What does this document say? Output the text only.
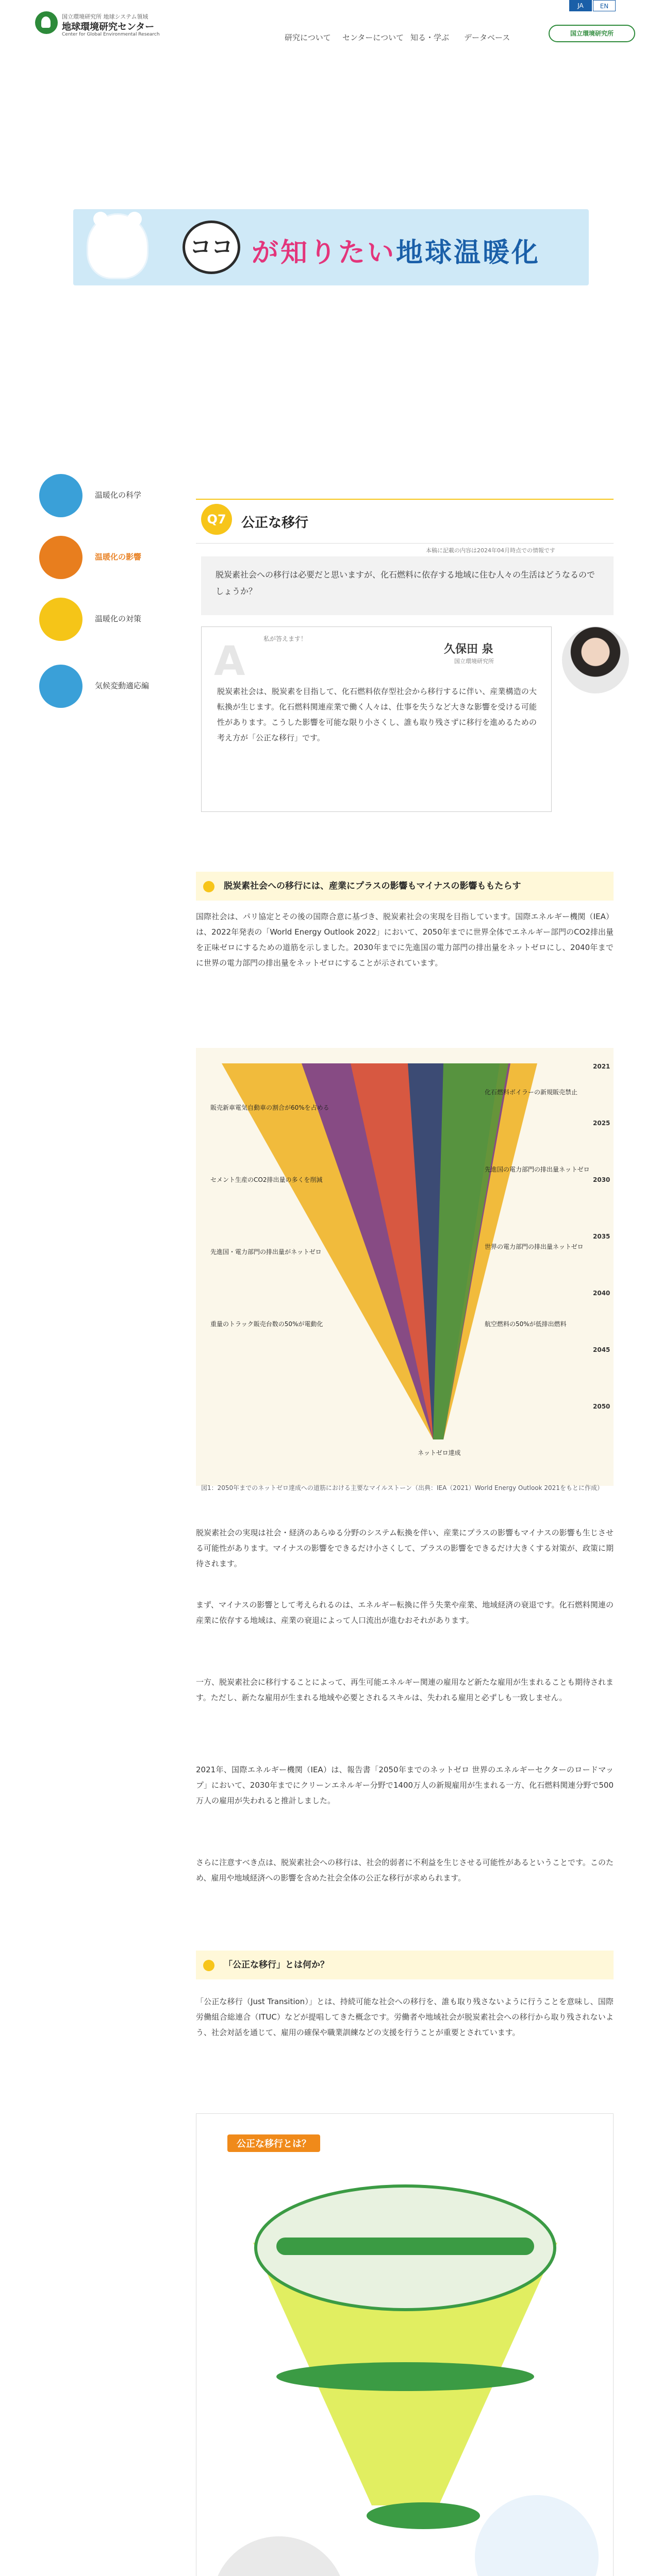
国立環境研究所 地球システム領域
地球環境研究センター
Center for Global Environmental Research	研究について センターについて 知る・学ぶ データベース
JA	EN
国立環境研究所
ココ が知りたい地球温暖化
温暖化の科学
温暖化の影響
温暖化の対策
気候変動適応編
Q7	公正な移行
本稿に記載の内容は2024年04月時点での情報です
脱炭素社会への移行は必要だと思いますが、化石燃料に依存する地域に住む人々の生活はどうなるのでしょうか？
A	私が答えます！
久保田 泉
国立環境研究所
脱炭素社会は、脱炭素を目指して、化石燃料依存型社会から移行するに伴い、産業構造の大転換が生じます。化石燃料関連産業で働く人々は、仕事を失うなど大きな影響を受ける可能性があります。こうした影響を可能な限り小さくし、誰も取り残さずに移行を進めるための考え方が「公正な移行」です。
脱炭素社会への移行には、産業にプラスの影響もマイナスの影響ももたらす
国際社会は、パリ協定とその後の国際合意に基づき、脱炭素社会の実現を目指しています。国際エネルギー機関（IEA）は、2022年発表の「World Energy Outlook 2022」において、2050年までに世界全体でエネルギー部門のCO2排出量を正味ゼロにするための道筋を示しました。2030年までに先進国の電力部門の排出量をネットゼロにし、2040年までに世界の電力部門の排出量をネットゼロにすることが示されています。
販売新車電気自動車の割合が60%を占める
セメント生産のCO2排出量の多くを削減
先進国・電力部門の排出量がネットゼロ
重量のトラック販売台数の50%が電動化
化石燃料ボイラーの新規販売禁止
先進国の電力部門の排出量ネットゼロ
世界の電力部門の排出量ネットゼロ
航空燃料の50%が低排出燃料
2021
2025
2030
2035
2040
2045
2050
ネットゼロ達成
図1：2050年までのネットゼロ達成への道筋における主要なマイルストーン（出典：IEA（2021）World Energy Outlook 2021をもとに作成）
脱炭素社会の実現は社会・経済のあらゆる分野のシステム転換を伴い、産業にプラスの影響もマイナスの影響も生じさせる可能性があります。マイナスの影響をできるだけ小さくして、プラスの影響をできるだけ大きくする対策が、政策に期待されます。
まず、マイナスの影響として考えられるのは、エネルギー転換に伴う失業や産業、地域経済の衰退です。化石燃料関連の産業に依存する地域は、産業の衰退によって人口流出が進むおそれがあります。
一方、脱炭素社会に移行することによって、再生可能エネルギー関連の雇用など新たな雇用が生まれることも期待されます。ただし、新たな雇用が生まれる地域や必要とされるスキルは、失われる雇用と必ずしも一致しません。
2021年、国際エネルギー機関（IEA）は、報告書「2050年までのネットゼロ 世界のエネルギーセクターのロードマップ」において、2030年までにクリーンエネルギー分野で1400万人の新規雇用が生まれる一方、化石燃料関連分野で500万人の雇用が失われると推計しました。
さらに注意すべき点は、脱炭素社会への移行は、社会的弱者に不利益を生じさせる可能性があるということです。このため、雇用や地域経済への影響を含めた社会全体の公正な移行が求められます。
「公正な移行」とは何か？
「公正な移行（Just Transition）」とは、持続可能な社会への移行を、誰も取り残さないように行うことを意味し、国際労働組合総連合（ITUC）などが提唱してきた概念です。労働者や地域社会が脱炭素社会への移行から取り残されないよう、社会対話を通じて、雇用の確保や職業訓練などの支援を行うことが重要とされています。
公正な移行とは？
